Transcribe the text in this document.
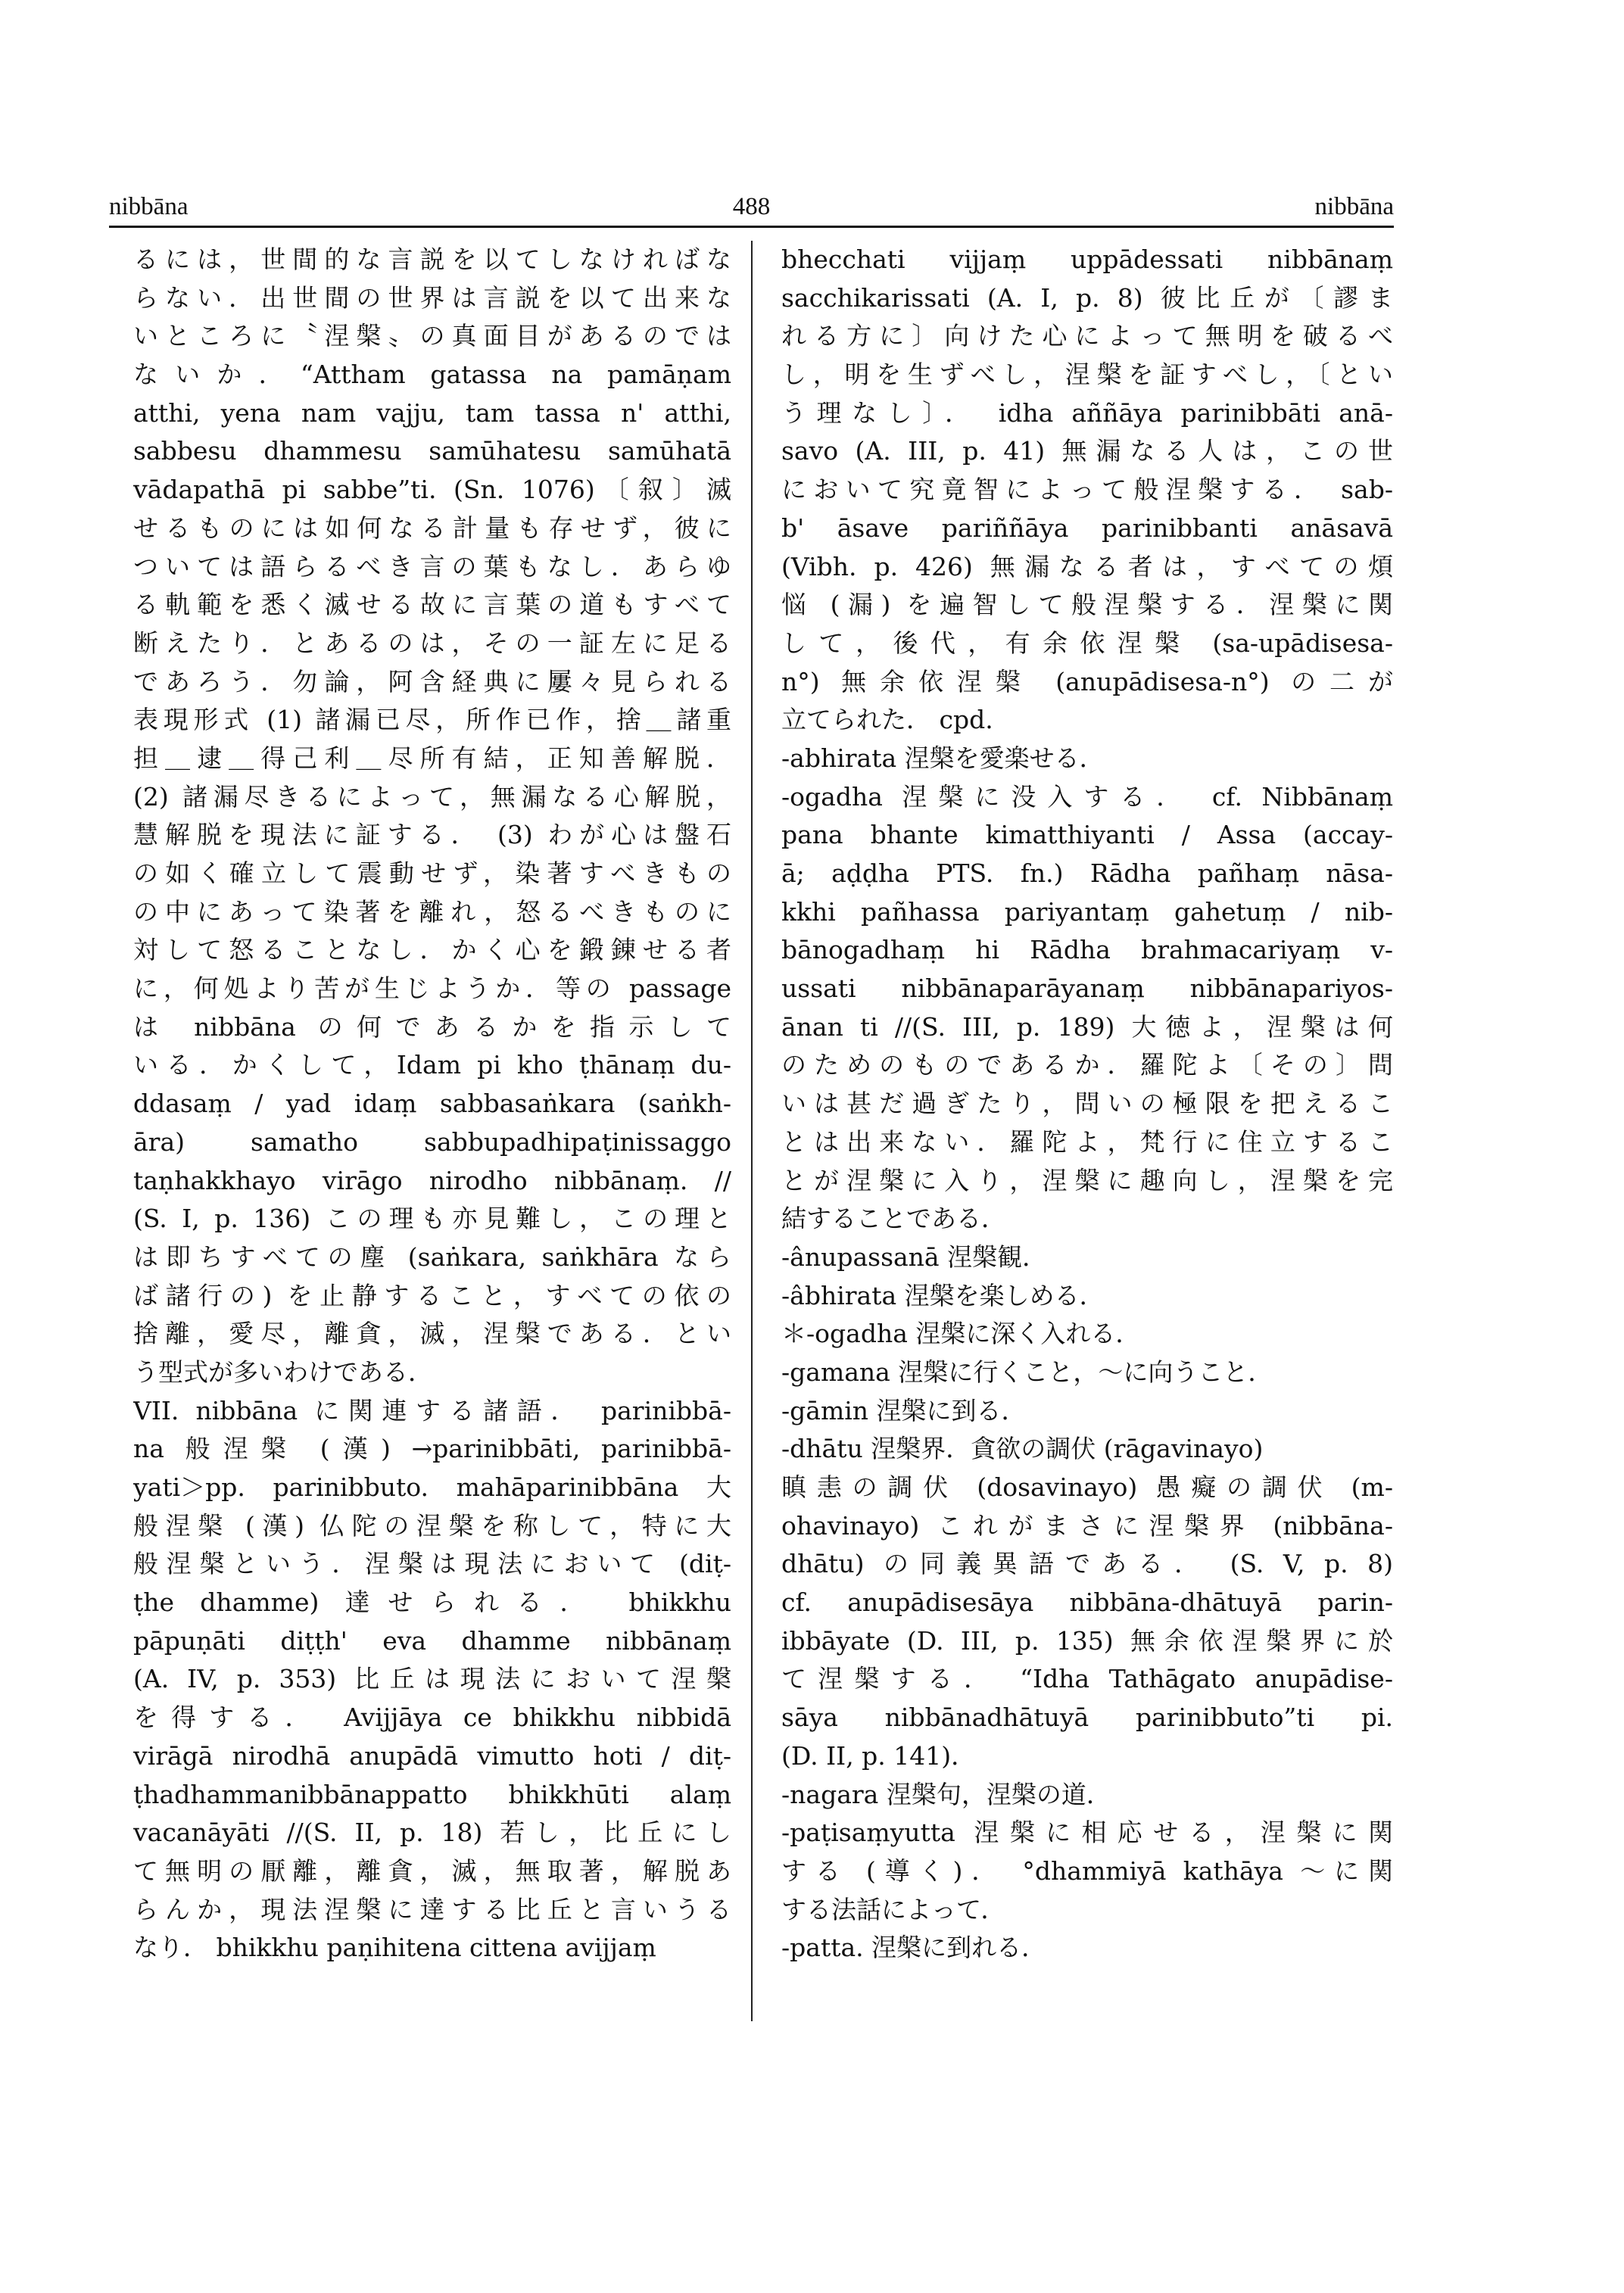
nibbāna	488	nibbāna
るには，世間的な言説を以てしなければな
らない．出世間の世界は言説を以て出来な
いところに〝涅槃〟の真面目があるのでは
ないか．“Attham gatassa na pamāṇam
atthi, yena nam vajju, tam tassa n' atthi,
sabbesu dhammesu samūhatesu samūhatā
vādapathā pi sabbe”ti. (Sn. 1076)〔叙〕滅
せるものには如何なる計量も存せず，彼に
ついては語らるべき言の葉もなし．あらゆ
る軌範を悉く滅せる故に言葉の道もすべて
断えたり．とあるのは，その一証左に足る
であろう．勿論，阿含経典に屢々見られる
表現形式 (1) 諸漏已尽，所作已作，捨＿諸重
担＿逮＿得己利＿尽所有結，正知善解脱．
(2) 諸漏尽きるによって，無漏なる心解脱，
慧解脱を現法に証する． (3) わが心は盤石
の如く確立して震動せず，染著すべきもの
の中にあって染著を離れ，怒るべきものに
対して怒ることなし．かく心を鍛錬せる者
に，何処より苦が生じようか．等の passage
は nibbāna の何であるかを指示して
いる．かくして，Idam pi kho ṭhānaṃ du-
ddasaṃ / yad idaṃ sabbasaṅkara (saṅkh-
āra) samatho sabbupadhipaṭinissaggo
taṇhakkhayo virāgo nirodho nibbānaṃ. //
(S. I, p. 136) この理も亦見難し，この理と
は即ちすべての塵 (saṅkara, saṅkhāra なら
ば諸行の) を止静すること，すべての依の
捨離，愛尽，離貪，滅，涅槃である．とい
う型式が多いわけである．
VII. nibbāna に関連する諸語． parinibbā-
na 般涅槃 (漢) →parinibbāti, parinibbā-
yati＞pp. parinibbuto. mahāparinibbāna 大
般涅槃 (漢) 仏陀の涅槃を称して，特に大
般涅槃という．涅槃は現法において (diṭ-
ṭhe dhamme) 達せられる． bhikkhu
pāpuṇāti diṭṭh' eva dhamme nibbānaṃ
(A. IV, p. 353) 比丘は現法において涅槃
を得する． Avijjāya ce bhikkhu nibbidā
virāgā nirodhā anupādā vimutto hoti / diṭ-
ṭhadhammanibbānappatto bhikkhūti alaṃ
vacanāyāti //(S. II, p. 18) 若し，比丘にし
て無明の厭離，離貪，滅，無取著，解脱あ
らんか，現法涅槃に達する比丘と言いうる
なり． bhikkhu paṇihitena cittena avijjaṃ
bhecchati vijjaṃ uppādessati nibbānaṃ
sacchikarissati (A. I, p. 8) 彼比丘が〔謬ま
れる方に〕向けた心によって無明を破るべ
し，明を生ずべし，涅槃を証すべし，〔とい
う理なし〕． idha aññāya parinibbāti anā-
savo (A. III, p. 41) 無漏なる人は，この世
において究竟智によって般涅槃する． sab-
b' āsave pariññāya parinibbanti anāsavā
(Vibh. p. 426) 無漏なる者は，すべての煩
悩 (漏) を遍智して般涅槃する．涅槃に関
して，後代，有余依涅槃 (sa-upādisesa-
n°) 無余依涅槃 (anupādisesa-n°) の二が
立てられた． cpd.
-abhirata 涅槃を愛楽せる．
-ogadha 涅槃に没入する． cf. Nibbānaṃ
pana bhante kimatthiyanti / Assa (accay-
ā; aḍḍha PTS. fn.) Rādha pañhaṃ nāsa-
kkhi pañhassa pariyantaṃ gahetuṃ / nib-
bānogadhaṃ hi Rādha brahmacariyaṃ v-
ussati nibbānaparāyanaṃ nibbānapariyos-
ānan ti //(S. III, p. 189) 大徳よ，涅槃は何
のためのものであるか．羅陀よ〔その〕問
いは甚だ過ぎたり，問いの極限を把えるこ
とは出来ない．羅陀よ，梵行に住立するこ
とが涅槃に入り，涅槃に趣向し，涅槃を完
結することである．
-ânupassanā 涅槃観．
-âbhirata 涅槃を楽しめる．
＊-ogadha 涅槃に深く入れる．
-gamana 涅槃に行くこと，〜に向うこと．
-gāmin 涅槃に到る．
-dhātu 涅槃界．貪欲の調伏 (rāgavinayo)
瞋恚の調伏 (dosavinayo) 愚癡の調伏 (m-
ohavinayo) これがまさに涅槃界 (nibbāna-
dhātu) の同義異語である． (S. V, p. 8)
cf. anupādisesāya nibbāna-dhātuyā parin-
ibbāyate (D. III, p. 135) 無余依涅槃界に於
て涅槃する． “Idha Tathāgato anupādise-
sāya nibbānadhātuyā parinibbuto”ti pi.
(D. II, p. 141)．
-nagara 涅槃句，涅槃の道．
-paṭisaṃyutta 涅槃に相応せる，涅槃に関
する (導く)． °dhammiyā kathāya 〜に関
する法話によって．
-patta. 涅槃に到れる．
